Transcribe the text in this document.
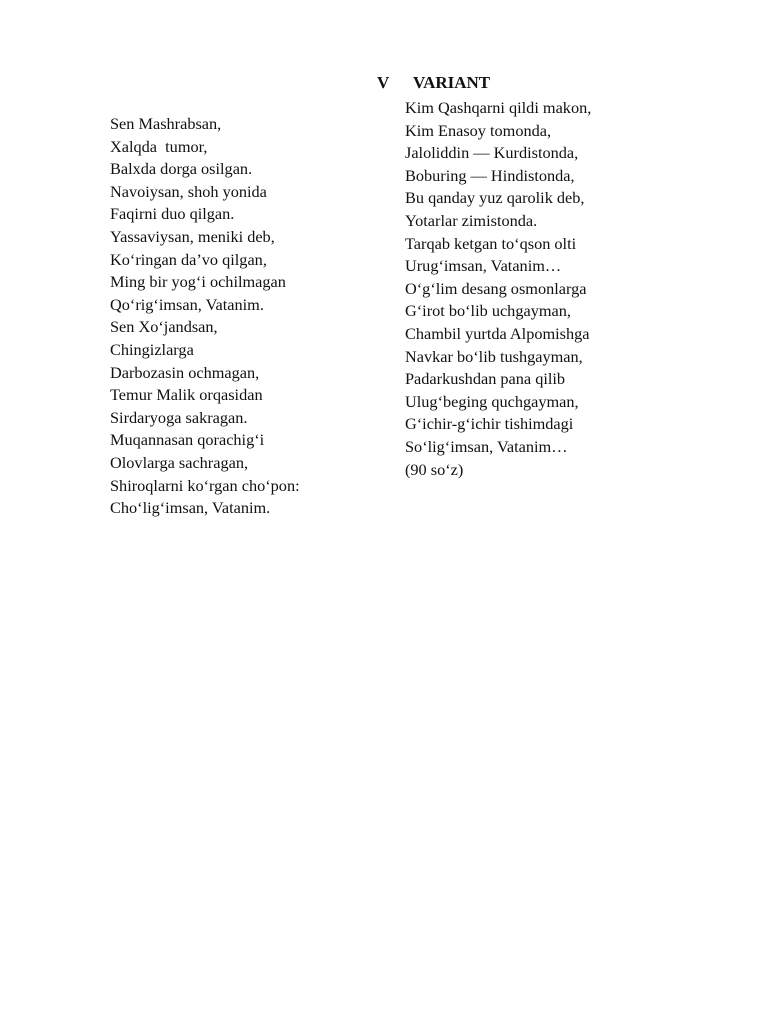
V VARIANT
Sen Mashrabsan,
Xalqda  tumor,
Balxda dorga osilgan.
Navoiysan, shoh yonida
Faqirni duo qilgan.
Yassaviysan, meniki deb,
Ko‘ringan da’vo qilgan,
Ming bir yog‘i ochilmagan
Qo‘rig‘imsan, Vatanim.
Sen Xo‘jandsan,
Chingizlarga
Darbozasin ochmagan,
Temur Malik orqasidan
Sirdaryoga sakragan.
Muqannasan qorachig‘i
Olovlarga sachragan,
Shiroqlarni ko‘rgan cho‘pon:
Cho‘lig‘imsan, Vatanim.
Kim Qashqarni qildi makon,
Kim Enasoy tomonda,
Jaloliddin — Kurdistonda,
Boburing — Hindistonda,
Bu qanday yuz qarolik deb,
Yotarlar zimistonda.
Tarqab ketgan to‘qson olti
Urug‘imsan, Vatanim…
O‘g‘lim desang osmonlarga
G‘irot bo‘lib uchgayman,
Chambil yurtda Alpomishga
Navkar bo‘lib tushgayman,
Padarkushdan pana qilib
Ulug‘beging quchgayman,
G‘ichir-g‘ichir tishimdagi
So‘lig‘imsan, Vatanim…
(90 so‘z)
